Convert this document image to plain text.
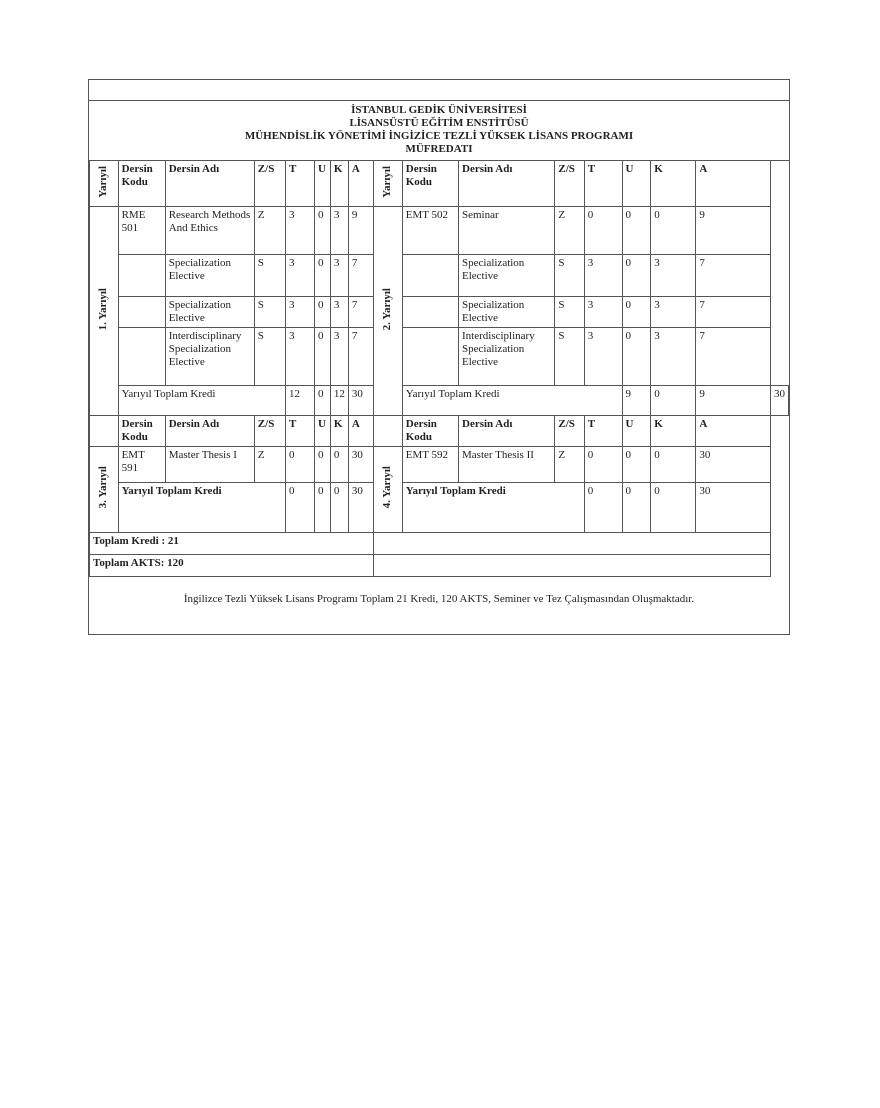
İSTANBUL GEDİK ÜNİVERSİTESİ
LİSANSÜSTÜ EĞİTİM ENSTİTÜSÜ
MÜHENDİSLİK YÖNETİMİ İNGİZİCE TEZLİ YÜKSEK LİSANS PROGRAMI
MÜFREDATI
Yarıyıl	Dersin Kodu	Dersin Adı	Z/S	T	U	K	A	Yarıyıl	Dersin Kodu	Dersin Adı	Z/S	T	U	K	A	
1. Yarıyıl	RME 501	Research Methods And Ethics	Z	3	0	3	9	2. Yarıyıl	EMT 502	Seminar	Z	0	0	0	9	
		Specialization Elective	S	3	0	3	7			Specialization Elective	S	3	0	3	7	
		Specialization Elective	S	3	0	3	7			Specialization Elective	S	3	0	3	7	
		Interdisciplinary Specialization Elective	S	3	0	3	7			Interdisciplinary Specialization Elective	S	3	0	3	7	
	Yarıyıl Toplam Kredi			12	0	12	30		Yarıyıl Toplam Kredi				9	0	9	30
	Dersin Kodu	Dersin Adı	Z/S	T	U	K	A		Dersin Kodu	Dersin Adı	Z/S	T	U	K	A	
3. Yarıyıl	EMT 591	Master Thesis I	Z	0	0	0	30	4. Yarıyıl	EMT 592	Master Thesis II	Z	0	0	0	30	
	Yarıyıl Toplam Kredi			0	0	0	30		Yarıyıl Toplam Kredi			0	0	0	30	
Toplam Kredi : 21																
Toplam AKTS: 120																
İngilizce Tezli Yüksek Lisans Programı Toplam 21 Kredi, 120 AKTS, Seminer ve Tez Çalışmasından Oluşmaktadır.
